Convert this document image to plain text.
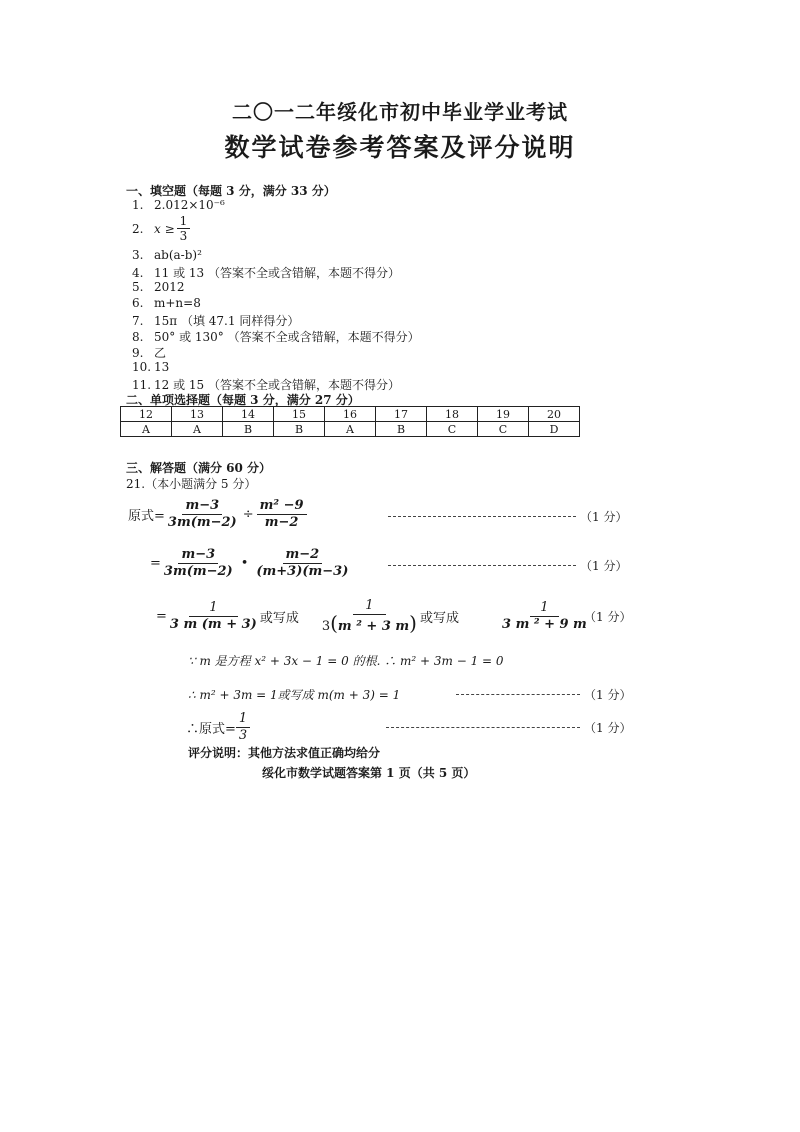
二〇一二年绥化市初中毕业学业考试
数学试卷参考答案及评分说明
一、填空题（每题 3 分，满分 33 分）
1. 2.012×10⁻⁶
2. $x \ge \frac{1}{3}$
3. ab(a-b)²
4. 11 或 13 （答案不全或含错解，本题不得分）
5. 2012
6. m+n=8
7. 15π （填 47.1 同样得分）
8. 50° 或 130° （答案不全或含错解，本题不得分）
9. 乙
10. 13
11. 12 或 15 （答案不全或含错解，本题不得分）
二、单项选择题（每题 3 分，满分 27 分）
12	13	14	15	16	17	18	19	20
A	A	B	B	A	B	C	C	D
三、解答题（满分 60 分）
21.（本小题满分 5 分）
原式= $\frac{m-3}{3m(m-2)} \div \frac{\text{m² −9}}{m-2}$	（1 分）
= $\frac{m-3}{3m(m-2)}$ • $\frac{m-2}{(m+3)(m-3)}$	（1 分）
= $\frac{1}{3 m (m + 3)}$ 或写成 $\frac{1}{\text{3(m ² + 3 m)}}$ 或写成	$\frac{1}{\text{3 m ² + 9 m}}$
（1 分）
∵ m 是方程 x² + 3x − 1 = 0 的根. ∴ m² + 3m − 1 = 0
∴ m² + 3m = 1或写成 m(m + 3) = 1	（1 分）
∴原式= $\frac{1}{3}$	（1 分）
评分说明：其他方法求值正确均给分
绥化市数学试题答案第 1 页（共 5 页）
